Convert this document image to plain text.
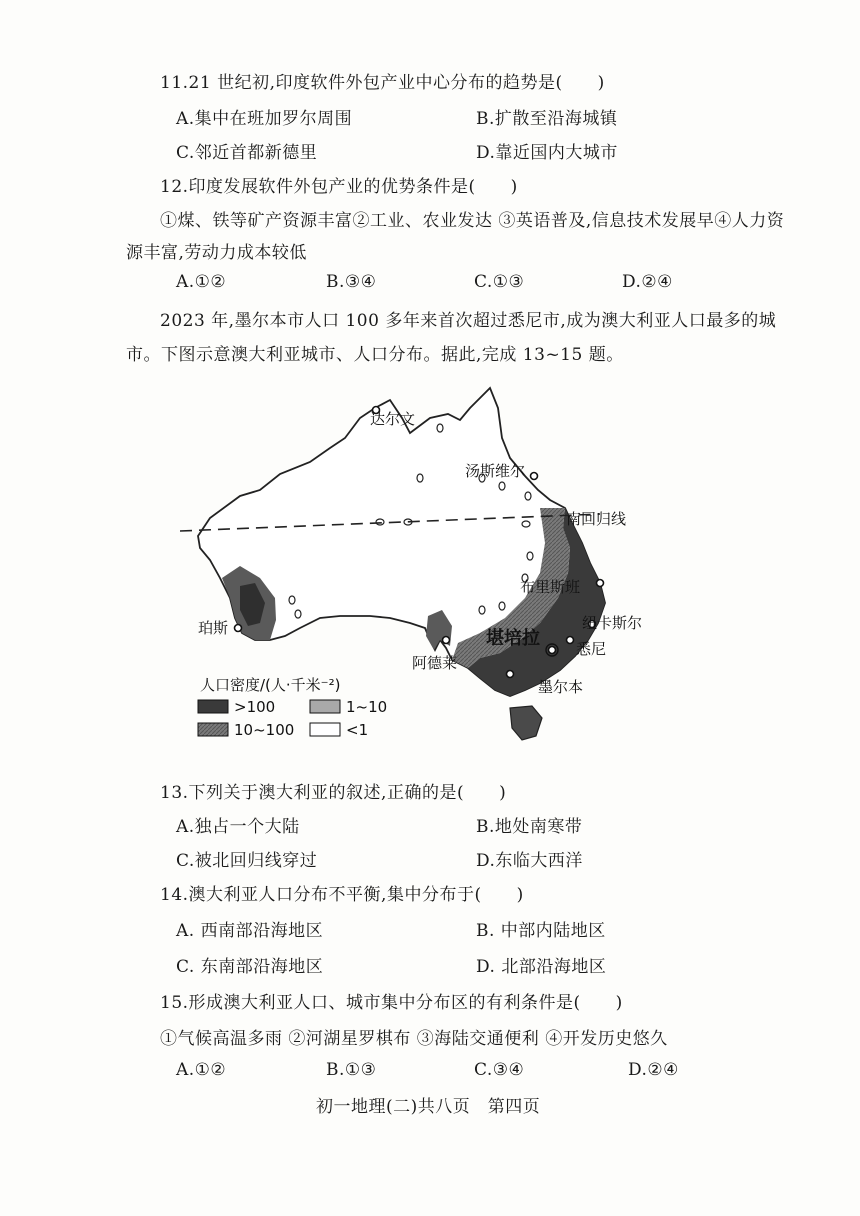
11.21 世纪初,印度软件外包产业中心分布的趋势是(　　)
A.集中在班加罗尔周围	B.扩散至沿海城镇
C.邻近首都新德里	D.靠近国内大城市
12.印度发展软件外包产业的优势条件是(　　)
①煤、铁等矿产资源丰富②工业、农业发达 ③英语普及,信息技术发展早④人力资
源丰富,劳动力成本较低
A.①②	B.③④	C.①③	D.②④
2023 年,墨尔本市人口 100 多年来首次超过悉尼市,成为澳大利亚人口最多的城
市。下图示意澳大利亚城市、人口分布。据此,完成 13~15 题。
达尔文
汤斯维尔
南回归线
布里斯班
珀斯	纽卡斯尔
堪培拉 悉尼
阿德莱
墨尔本
人口密度/(人·千米⁻²)
>100	1~10
10~100	<1
13.下列关于澳大利亚的叙述,正确的是(　　)
A.独占一个大陆	B.地处南寒带
C.被北回归线穿过	D.东临大西洋
14.澳大利亚人口分布不平衡,集中分布于(　　)
A. 西南部沿海地区	B. 中部内陆地区
C. 东南部沿海地区	D. 北部沿海地区
15.形成澳大利亚人口、城市集中分布区的有利条件是(　　)
①气候高温多雨 ②河湖星罗棋布 ③海陆交通便利 ④开发历史悠久
A.①②	B.①③	C.③④	D.②④
初一地理(二)共八页　第四页
